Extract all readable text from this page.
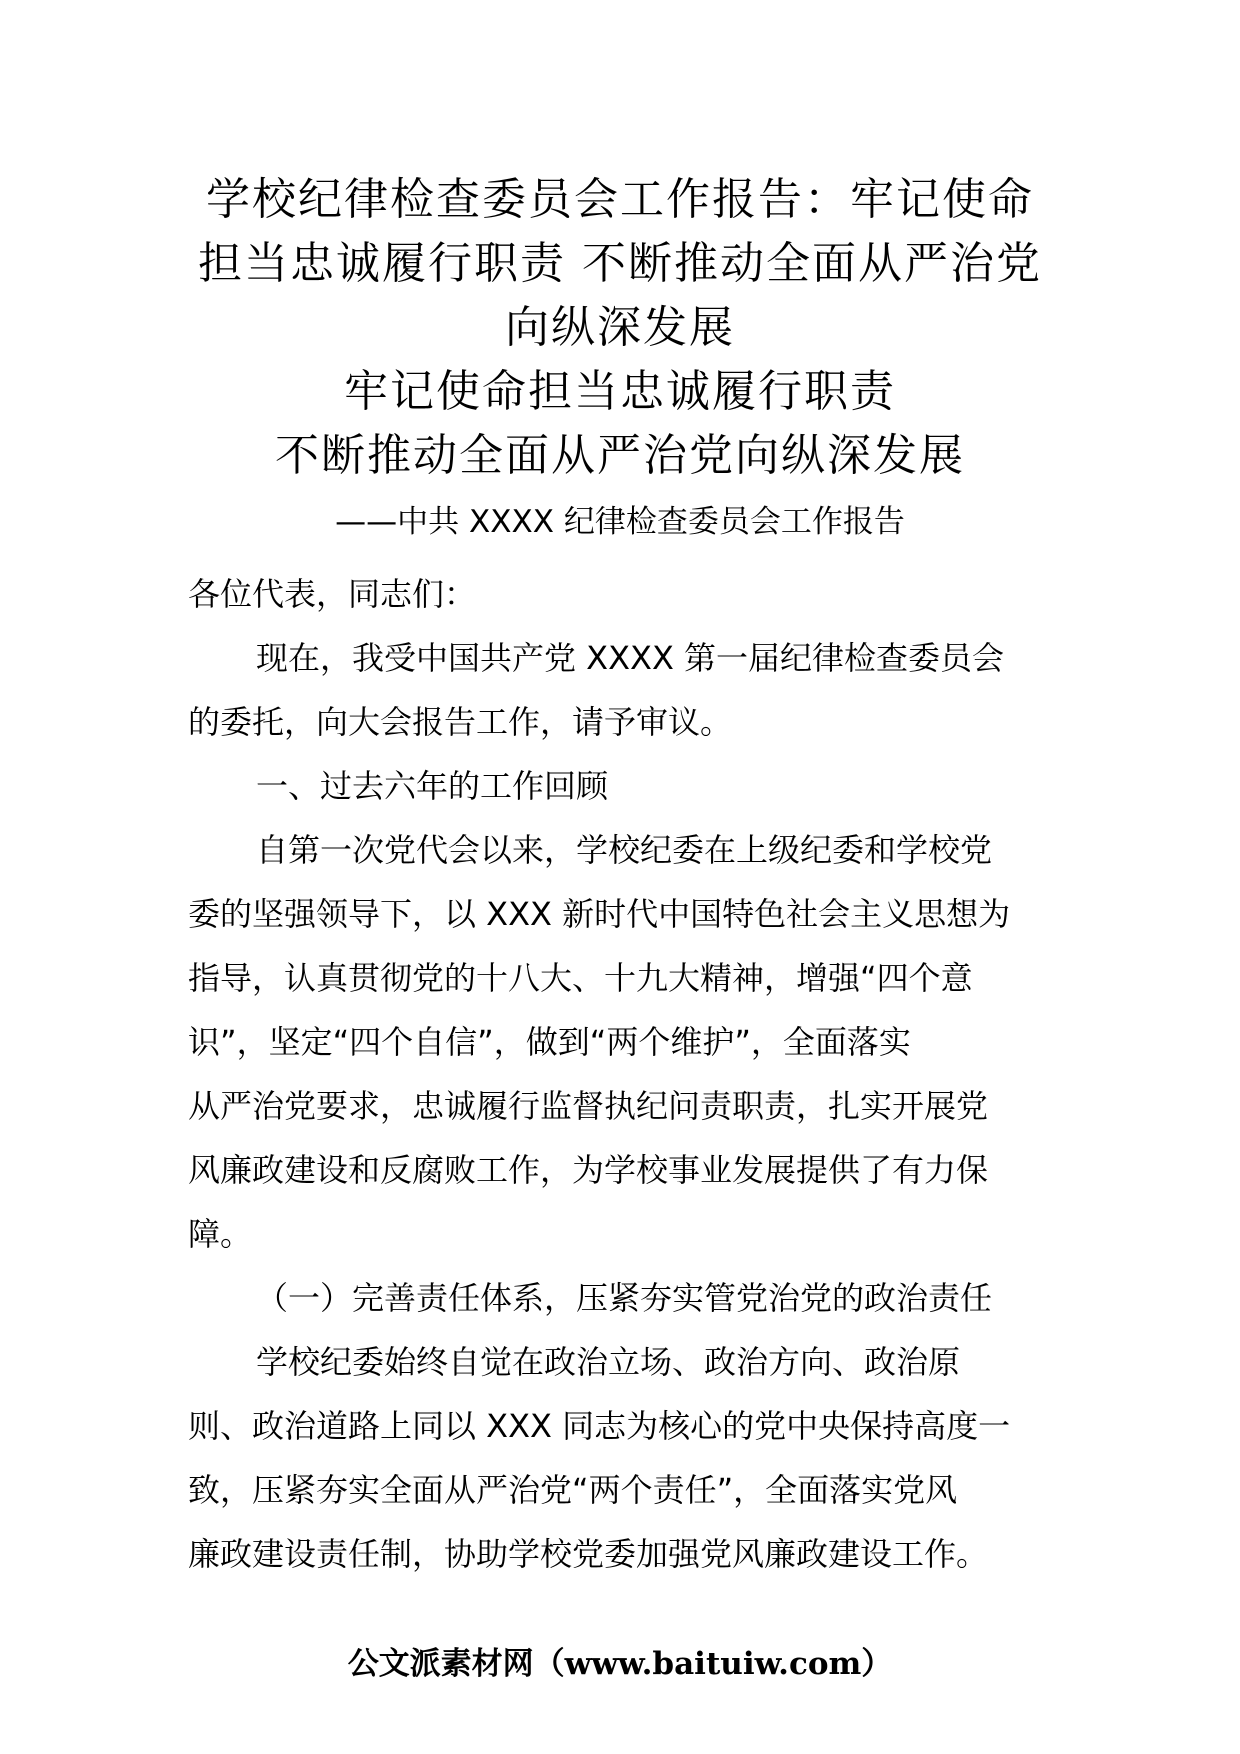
学校纪律检查委员会工作报告：牢记使命
担当忠诚履行职责 不断推动全面从严治党
向纵深发展
牢记使命担当忠诚履行职责
不断推动全面从严治党向纵深发展
——中共 XXXX 纪律检查委员会工作报告
各位代表，同志们：
现在，我受中国共产党 XXXX 第一届纪律检查委员会
的委托，向大会报告工作，请予审议。
一、过去六年的工作回顾
自第一次党代会以来，学校纪委在上级纪委和学校党
委的坚强领导下，以 XXX 新时代中国特色社会主义思想为
指导，认真贯彻党的十八大、十九大精神，增强“四个意
识”，坚定“四个自信”，做到“两个维护”，全面落实
从严治党要求，忠诚履行监督执纪问责职责，扎实开展党
风廉政建设和反腐败工作，为学校事业发展提供了有力保
障。
（一）完善责任体系，压紧夯实管党治党的政治责任
学校纪委始终自觉在政治立场、政治方向、政治原
则、政治道路上同以 XXX 同志为核心的党中央保持高度一
致，压紧夯实全面从严治党“两个责任”，全面落实党风
廉政建设责任制，协助学校党委加强党风廉政建设工作。
公文派素材网（www.baituiw.com）
